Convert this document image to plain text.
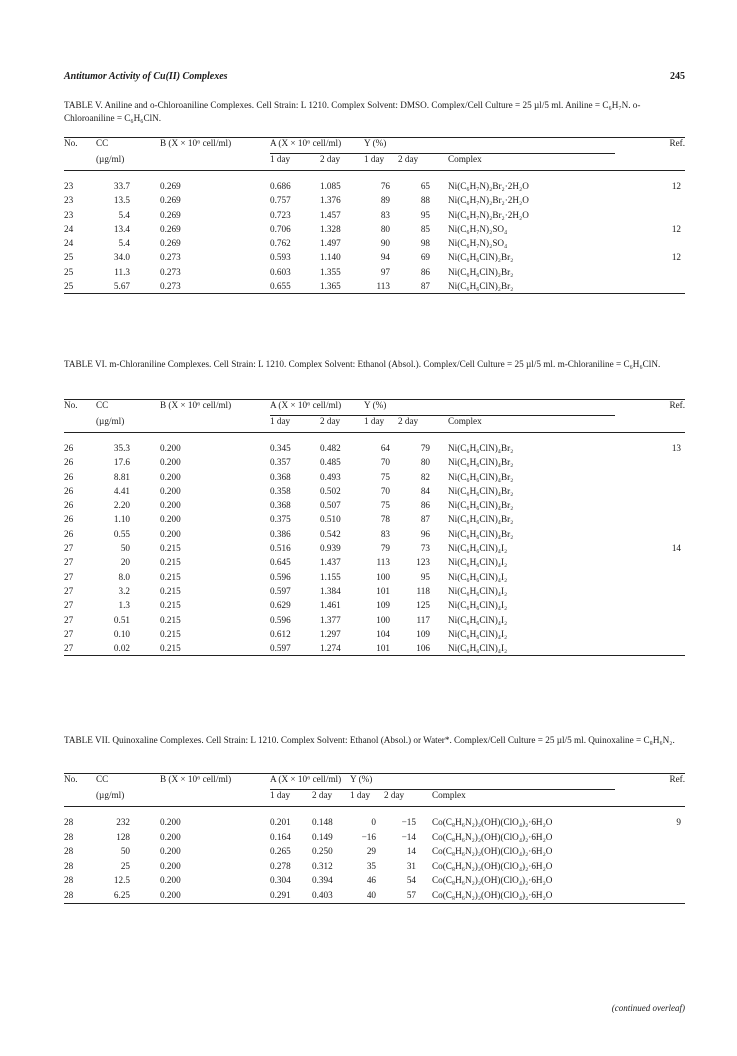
Antitumor Activity of Cu(II) Complexes	245
TABLE V. Aniline and o-Chloroaniline Complexes. Cell Strain: L 1210. Complex Solvent: DMSO. Complex/Cell Culture = 25 µl/5 ml. Aniline = C₆H₇N. o-Chloroaniline = C₆H₆ClN.
No.	CC	B (X × 10⁶ cell/ml)	A (X × 10⁶ cell/ml)		Y (%)				Ref.
	(µg/ml)		1 day	2 day	1 day	2 day		Complex	

23	33.7	0.269	0.686	1.085	76	65		Ni(C₆H₇N)₂Br₂·2H₂O	12
23	13.5	0.269	0.757	1.376	89	88		Ni(C₆H₇N)₂Br₂·2H₂O	
23	5.4	0.269	0.723	1.457	83	95		Ni(C₆H₇N)₂Br₂·2H₂O	
24	13.4	0.269	0.706	1.328	80	85		Ni(C₆H₇N)₂SO₄	12
24	5.4	0.269	0.762	1.497	90	98		Ni(C₆H₇N)₂SO₄	
25	34.0	0.273	0.593	1.140	94	69		Ni(C₆H₆ClN)₂Br₂	12
25	11.3	0.273	0.603	1.355	97	86		Ni(C₆H₆ClN)₂Br₂	
25	5.67	0.273	0.655	1.365	113	87		Ni(C₆H₆ClN)₂Br₂	
TABLE VI. m-Chloraniline Complexes. Cell Strain: L 1210. Complex Solvent: Ethanol (Absol.). Complex/Cell Culture = 25 µl/5 ml. m-Chloraniline = C₆H₆ClN.
No.	CC	B (X × 10⁶ cell/ml)	A (X × 10⁶ cell/ml)		Y (%)				Ref.
	(µg/ml)		1 day	2 day	1 day	2 day		Complex	

26	35.3	0.200	0.345	0.482	64	79		Ni(C₆H₆ClN)₄Br₂	13
26	17.6	0.200	0.357	0.485	70	80		Ni(C₆H₆ClN)₄Br₂	
26	8.81	0.200	0.368	0.493	75	82		Ni(C₆H₆ClN)₄Br₂	
26	4.41	0.200	0.358	0.502	70	84		Ni(C₆H₆ClN)₄Br₂	
26	2.20	0.200	0.368	0.507	75	86		Ni(C₆H₆ClN)₄Br₂	
26	1.10	0.200	0.375	0.510	78	87		Ni(C₆H₆ClN)₄Br₂	
26	0.55	0.200	0.386	0.542	83	96		Ni(C₆H₆ClN)₄Br₂	
27	50	0.215	0.516	0.939	79	73		Ni(C₆H₆ClN)₄I₂	14
27	20	0.215	0.645	1.437	113	123		Ni(C₆H₆ClN)₄I₂	
27	8.0	0.215	0.596	1.155	100	95		Ni(C₆H₆ClN)₄I₂	
27	3.2	0.215	0.597	1.384	101	118		Ni(C₆H₆ClN)₄I₂	
27	1.3	0.215	0.629	1.461	109	125		Ni(C₆H₆ClN)₄I₂	
27	0.51	0.215	0.596	1.377	100	117		Ni(C₆H₆ClN)₄I₂	
27	0.10	0.215	0.612	1.297	104	109		Ni(C₆H₆ClN)₄I₂	
27	0.02	0.215	0.597	1.274	101	106		Ni(C₆H₆ClN)₄I₂	
TABLE VII. Quinoxaline Complexes. Cell Strain: L 1210. Complex Solvent: Ethanol (Absol.) or Water*. Complex/Cell Culture = 25 µl/5 ml. Quinoxaline = C₈H₆N₂.
No.	CC	B (X × 10⁶ cell/ml)	A (X × 10⁶ cell/ml)		Y (%)				Ref.
	(µg/ml)		1 day	2 day	1 day	2 day		Complex	

28	232	0.200	0.201	0.148	0	−15		Co(C₈H₆N₂)₂(OH)(ClO₄)₂·6H₂O	9
28	128	0.200	0.164	0.149	−16	−14		Co(C₈H₆N₂)₂(OH)(ClO₄)₂·6H₂O	
28	50	0.200	0.265	0.250	29	14		Co(C₈H₆N₂)₂(OH)(ClO₄)₂·6H₂O	
28	25	0.200	0.278	0.312	35	31		Co(C₈H₆N₂)₂(OH)(ClO₄)₂·6H₂O	
28	12.5	0.200	0.304	0.394	46	54		Co(C₈H₆N₂)₂(OH)(ClO₄)₂·6H₂O	
28	6.25	0.200	0.291	0.403	40	57		Co(C₈H₆N₂)₂(OH)(ClO₄)₂·6H₂O	
(continued overleaf)
